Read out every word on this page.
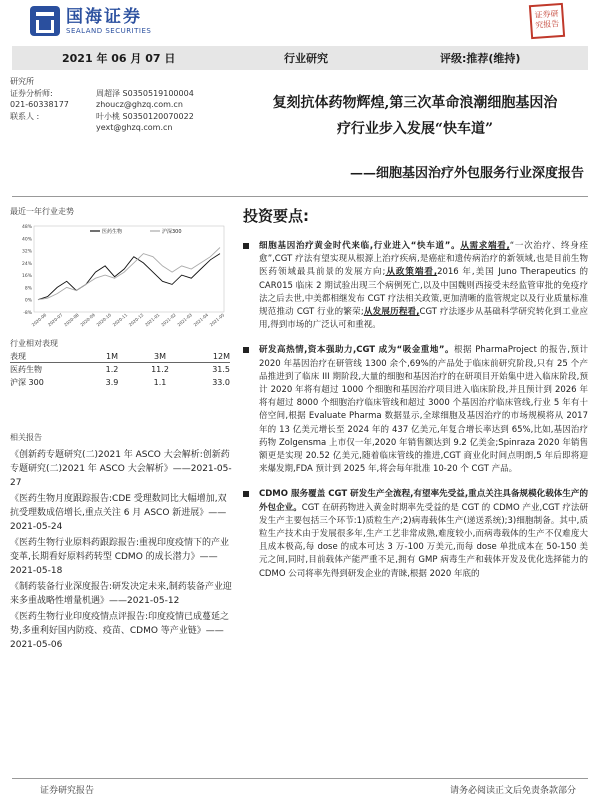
国海证券
SEALAND SECURITIES
证券研究报告
2021 年 06 月 07 日	行业研究	评级:推荐(维持)
研究所
证券分析师:	周超泽 S0350519100004
021-60338177	zhoucz@ghzq.com.cn
联系人 :	叶小桃 S0350120070022
yext@ghzq.com.cn
复刻抗体药物辉煌,第三次革命浪潮细胞基因治
疗行业步入发展“快车道”
——细胞基因治疗外包服务行业深度报告
最近一年行业走势
-8%
0%
8%
16%
24%
32%
40%
48%
2020-06 2020-07 2020-08 2020-09 2020-10 2020-11 2020-12 2021-01 2021-02 2021-03 2021-04 2021-05
医药生物	沪深300
行业相对表现
表现	1M	3M	12M
医药生物	1.2	11.2	31.5
沪深 300	3.9	1.1	33.0
相关报告

《创新药专题研究(二)2021 年 ASCO 大会解析:创新药专题研究(二)2021 年 ASCO 大会解析》——2021-05-27

《医药生物月度跟踪报告:CDE 受理数同比大幅增加,双抗受理数成倍增长,重点关注 6 月 ASCO 新进展》——2021-05-24

《医药生物行业原料药跟踪报告:重视印度疫情下的产业变革,长期看好原料药转型 CDMO 的成长潜力》——2021-05-18

《制药装备行业深度报告:研发决定未来,制药装备产业迎来多重战略性增量机遇》——2021-05-12

《医药生物行业印度疫情点评报告:印度疫情已成蔓延之势,多重利好国内防疫、疫苗、CDMO 等产业链》——2021-05-06

投资要点:
细胞基因治疗黄金时代来临,行业进入“快车道”。从需求端看,“一次治疗、终身痊愈”,CGT 疗法有望实现从根源上治疗疾病,是癌症和遗传病治疗的新领域,也是目前生物医药领域最具前景的发展方向;从政策端看,2016 年,美国 Juno Therapeutics 的 CAR015 临床 2 期试验出现三个病例死亡,以及中国魏则西接受未经监管审批的免疫疗法之后去世,中美都相继发布 CGT 疗法相关政策,更加清晰的监管规定以及行业质量标准规范推动 CGT 行业的繁荣;从发展历程看,CGT 疗法逐步从基础科学研究转化到工业应用,得到市场的广泛认可和重视。
研发高热情,资本强助力,CGT 成为“吸金重地”。根据 PharmaProject 的报告,预计 2020 年基因治疗在研管线 1300 余个,69%的产品处于临床前研究阶段,只有 25 个产品推进到了临床 III 期阶段,大量的细胞和基因治疗的在研项目开始集中进入临床阶段,预计 2020 年将有超过 1000 个细胞和基因治疗项目进入临床阶段,并且预计到 2026 年将有超过 8000 个细胞治疗临床管线和超过 3000 个基因治疗临床管线,行业 5 年有十倍空间,根据 Evaluate Pharma 数据显示,全球细胞及基因治疗的市场规模将从 2017 年的 13 亿美元增长至 2024 年的 437 亿美元,年复合增长率达到 65%,比如,基因治疗药物 Zolgensma 上市仅一年,2020 年销售额达到 9.2 亿美金;Spinraza 2020 年销售额更是实现 20.52 亿美元,随着临床管线的推进,CGT 商业化时间点明朗,5 年后即将迎来爆发期,FDA 预计到 2025 年,将会每年批准 10-20 个 CGT 产品。
CDMO 服务覆盖 CGT 研发生产全流程,有望率先受益,重点关注具备规模化载体生产的外包企业。CGT 在研药物进入黄金时期率先受益的是 CGT 的 CDMO 产业,CGT 疗法研发生产主要包括三个环节:1)质粒生产;2)病毒载体生产(递送系统);3)细胞制备。其中,质粒生产技术由于发展很多年,生产工艺非常成熟,难度较小,而病毒载体的生产不仅难度大且成本极高,每 dose 的成本可达 3 万-100 万美元,而每 dose 单批成本在 50-150 美元之间,同时,目前载体产能严重不足,拥有 GMP 病毒生产和载体开发及优化选择能力的 CDMO 公司将率先得到研发企业的青睐,根据 2020 年底的
证券研究报告	请务必阅读正文后免责条款部分
